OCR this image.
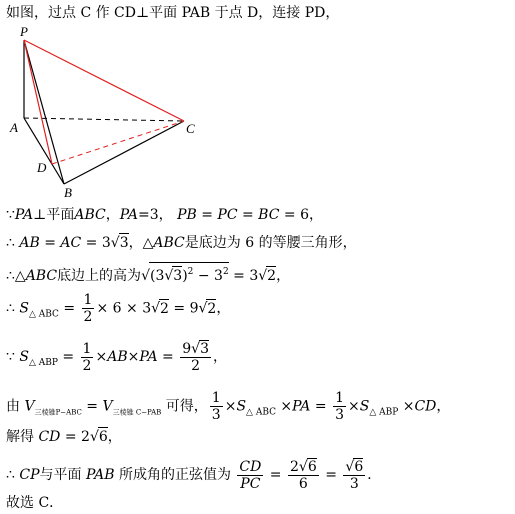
如图，过点 C 作 CD⊥平面 PAB 于点 D，连接 PD，
P
A	C
D
B
∵PA⊥平面ABC，PA=3， PB = PC = BC = 6，
∴ AB = AC = 3√3，△ABC是底边为 6 的等腰三角形，
∴△ABC底边上的高为$√(3√3)^2 - 3^2 = 3√2$，
∴ $S_{\triangle ABC} = \frac{1}{2} \times 6 \times 3√2 = 9√2$，
∵ $S_{\triangle ABP} = \frac{1}{2} \times AB\times PA = \frac{9√3}{2}$ ，
由 $V_{三棱锥P-ABC} = V_{三棱锥 C-PAB}$ 可得， $\frac{1}{3} \times S_{\triangle ABC} \times PA = \frac{1}{3} \times S_{\triangle ABP} \times CD$，
解得 CD = 2√6，
∴ CP与平面 PAB 所成角的正弦值为 $\frac{CD}{PC} = \frac{2√6}{6} = \frac{√6}{3}$ ．
故选 C．
